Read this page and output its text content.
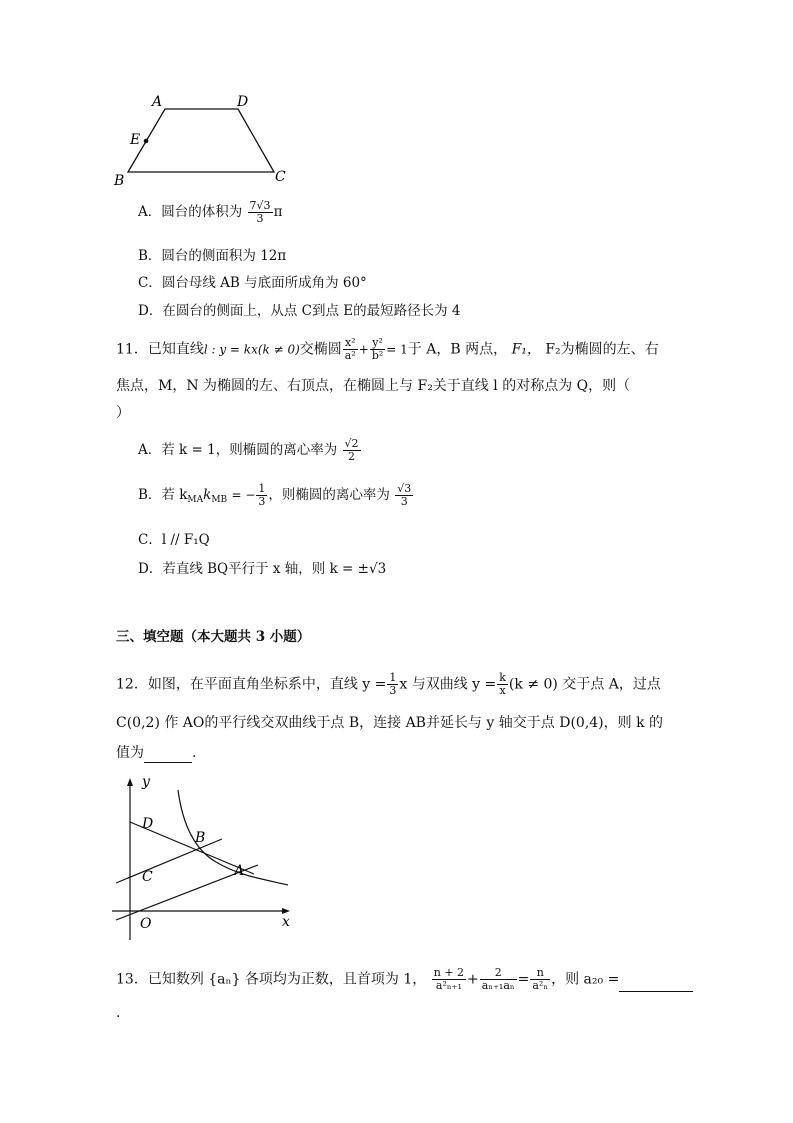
A	D
E
B	C
A．圆台的体积为 $\frac{7√3}{3}$ π
B．圆台的侧面积为 12π
C．圆台母线 AB 与底面所成角为 60°
D．在圆台的侧面上，从点 C到点 E的最短路径长为 4
11．已知直线l : y = kx(k ≠ 0)交椭圆 $\frac{\text{x²}}{\text{a²}} + \frac{\text{y²}}{\text{b²}} = 1$于 A，B 两点， F₁， F₂为椭圆的左、右
焦点，M，N 为椭圆的左、右顶点，在椭圆上与 F₂关于直线 l 的对称点为 Q，则（
）
A．若 k = 1，则椭圆的离心率为 $\frac{√2}{2}$
B．若 $k_{MA}k_{MB}$ = − $\frac{1}{3}$ ，则椭圆的离心率为 $\frac{√3}{3}$
C．l // F₁Q
D．若直线 BQ平行于 x 轴，则 k = ±√3
三、填空题（本大题共 3 小题）
12．如图，在平面直角坐标系中，直线 $y = \frac{1}{3}$ x 与双曲线 $y = \frac{k}{x} (k \ne 0)$ 交于点 A，过点
C(0,2) 作 AO的平行线交双曲线于点 B，连接 AB并延长与 y 轴交于点 D(0,4)，则 k 的
值为	.
y
x
D
B
C	A
O
13．已知数列 {aₙ} 各项均为正数，且首项为 1， $\frac{n + 2}{\text{a²ₙ₊₁}} + \frac{2}{\text{aₙ₊₁aₙ}} = \frac{n}{\text{a²ₙ}}$ ，则 a₂₀ =
.
